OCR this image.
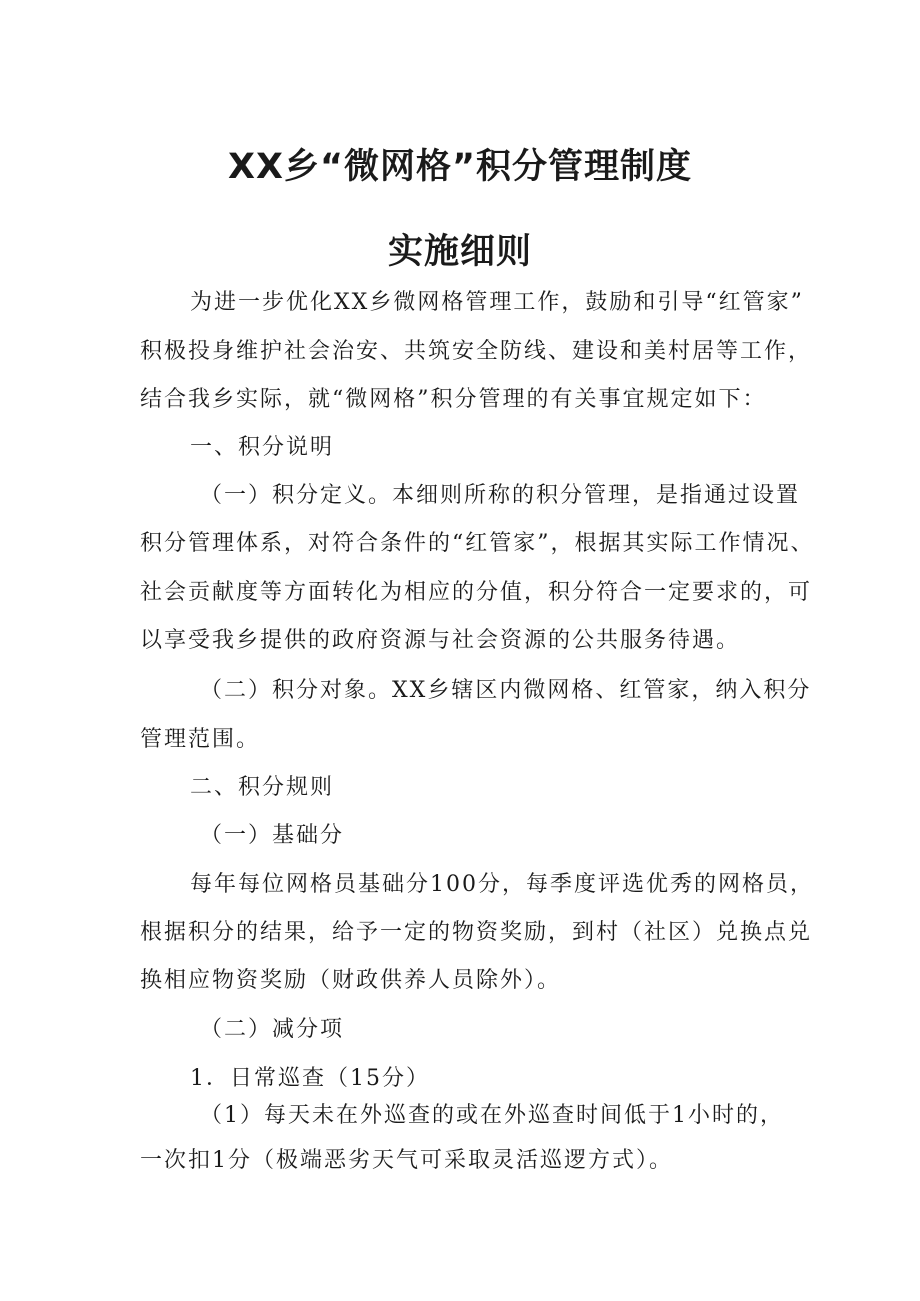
XX乡“微网格”积分管理制度
实施细则

为进一步优化XX乡微网格管理工作，鼓励和引导“红管家”

积极投身维护社会治安、共筑安全防线、建设和美村居等工作，

结合我乡实际，就“微网格”积分管理的有关事宜规定如下：

一、积分说明

（一）积分定义。本细则所称的积分管理，是指通过设置

积分管理体系，对符合条件的“红管家”，根据其实际工作情况、

社会贡献度等方面转化为相应的分值，积分符合一定要求的，可

以享受我乡提供的政府资源与社会资源的公共服务待遇。

（二）积分对象。XX乡辖区内微网格、红管家，纳入积分

管理范围。

二、积分规则

（一）基础分

每年每位网格员基础分100分，每季度评选优秀的网格员，

根据积分的结果，给予一定的物资奖励，到村（社区）兑换点兑

换相应物资奖励（财政供养人员除外）。

（二）减分项

1．日常巡查（15分）

（1）每天未在外巡查的或在外巡查时间低于1小时的，

一次扣1分（极端恶劣天气可采取灵活巡逻方式）。
